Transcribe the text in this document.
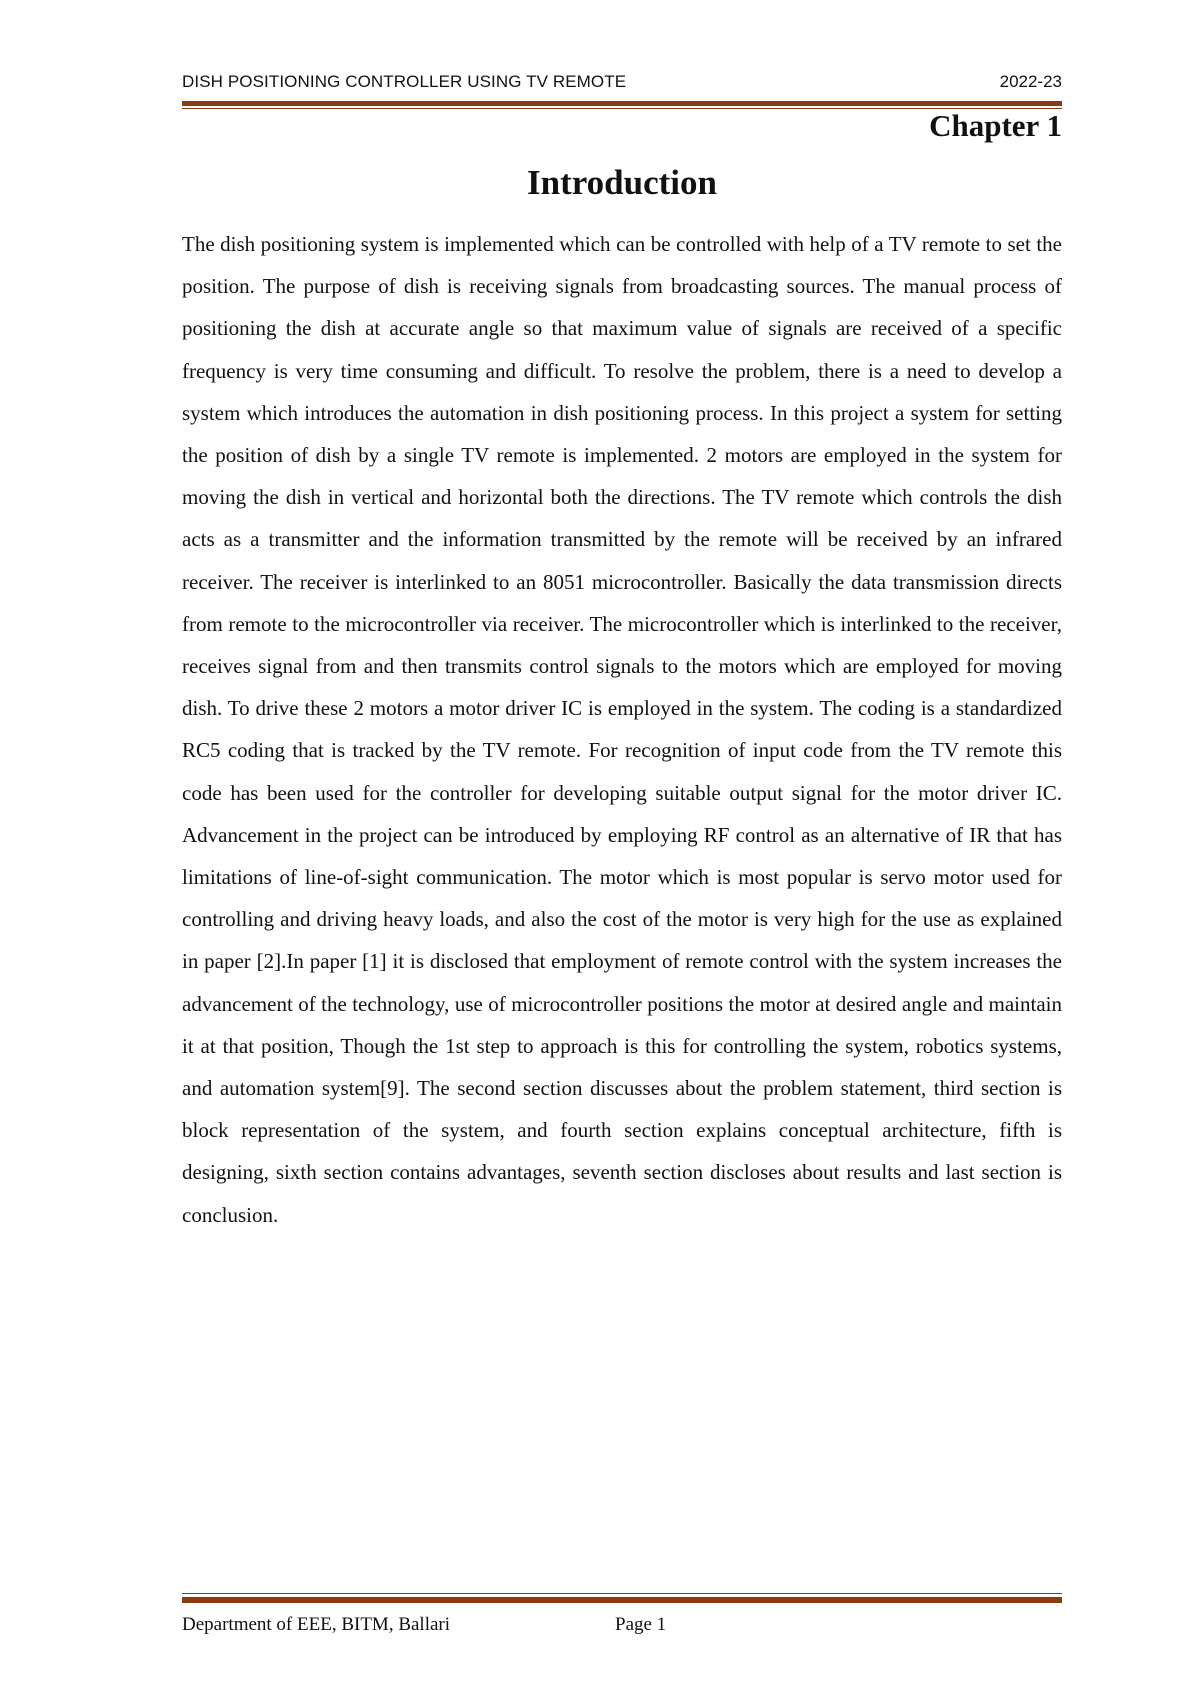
DISH POSITIONING CONTROLLER USING TV REMOTE	2022-23
Chapter 1
Introduction

The dish positioning system is implemented which can be controlled with help of a TV remote to set the position. The purpose of dish is receiving signals from broadcasting sources. The manual process of positioning the dish at accurate angle so that maximum value of signals are received of a specific frequency is very time consuming and difficult. To resolve the problem, there is a need to develop a system which introduces the automation in dish positioning process. In this project a system for setting the position of dish by a single TV remote is implemented. 2 motors are employed in the system for moving the dish in vertical and horizontal both the directions. The TV remote which controls the dish acts as a transmitter and the information transmitted by the remote will be received by an infrared receiver. The receiver is interlinked to an 8051 microcontroller. Basically the data transmission directs from remote to the microcontroller via receiver. The microcontroller which is interlinked to the receiver, receives signal from and then transmits control signals to the motors which are employed for moving dish. To drive these 2 motors a motor driver IC is employed in the system. The coding is a standardized RC5 coding that is tracked by the TV remote. For recognition of input code from the TV remote this code has been used for the controller for developing suitable output signal for the motor driver IC. Advancement in the project can be introduced by employing RF control as an alternative of IR that has limitations of line-of-sight communication. The motor which is most popular is servo motor used for controlling and driving heavy loads, and also the cost of the motor is very high for the use as explained in paper [2].In paper [1] it is disclosed that employment of remote control with the system increases the advancement of the technology, use of microcontroller positions the motor at desired angle and maintain it at that position, Though the 1st step to approach is this for controlling the system, robotics systems, and automation system[9]. The second section discusses about the problem statement, third section is block representation of the system, and fourth section explains conceptual architecture, fifth is designing, sixth section contains advantages, seventh section discloses about results and last section is conclusion.

Department of EEE, BITM, Ballari	Page 1
